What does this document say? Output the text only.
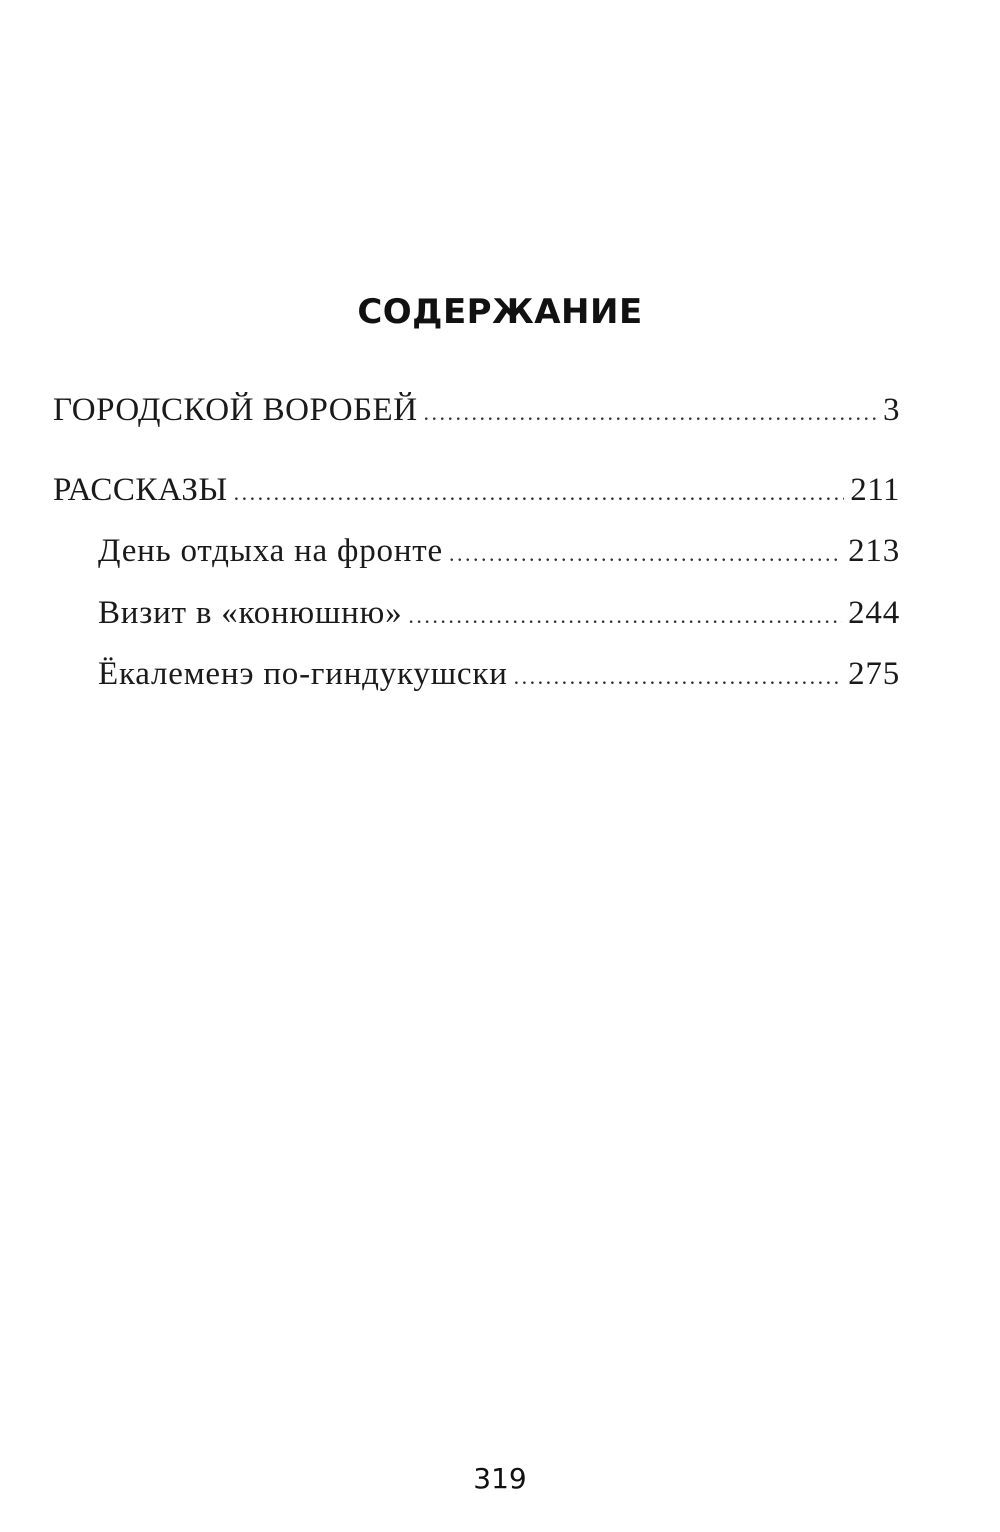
СОДЕРЖАНИЕ
ГОРОДСКОЙ ВОРОБЕЙ .....	3
РАССКАЗЫ .....	211
День отдыха на фронте .....	213
Визит в «конюшню» .....	244
Ёкалеменэ по-гиндукушски .....	275
319
